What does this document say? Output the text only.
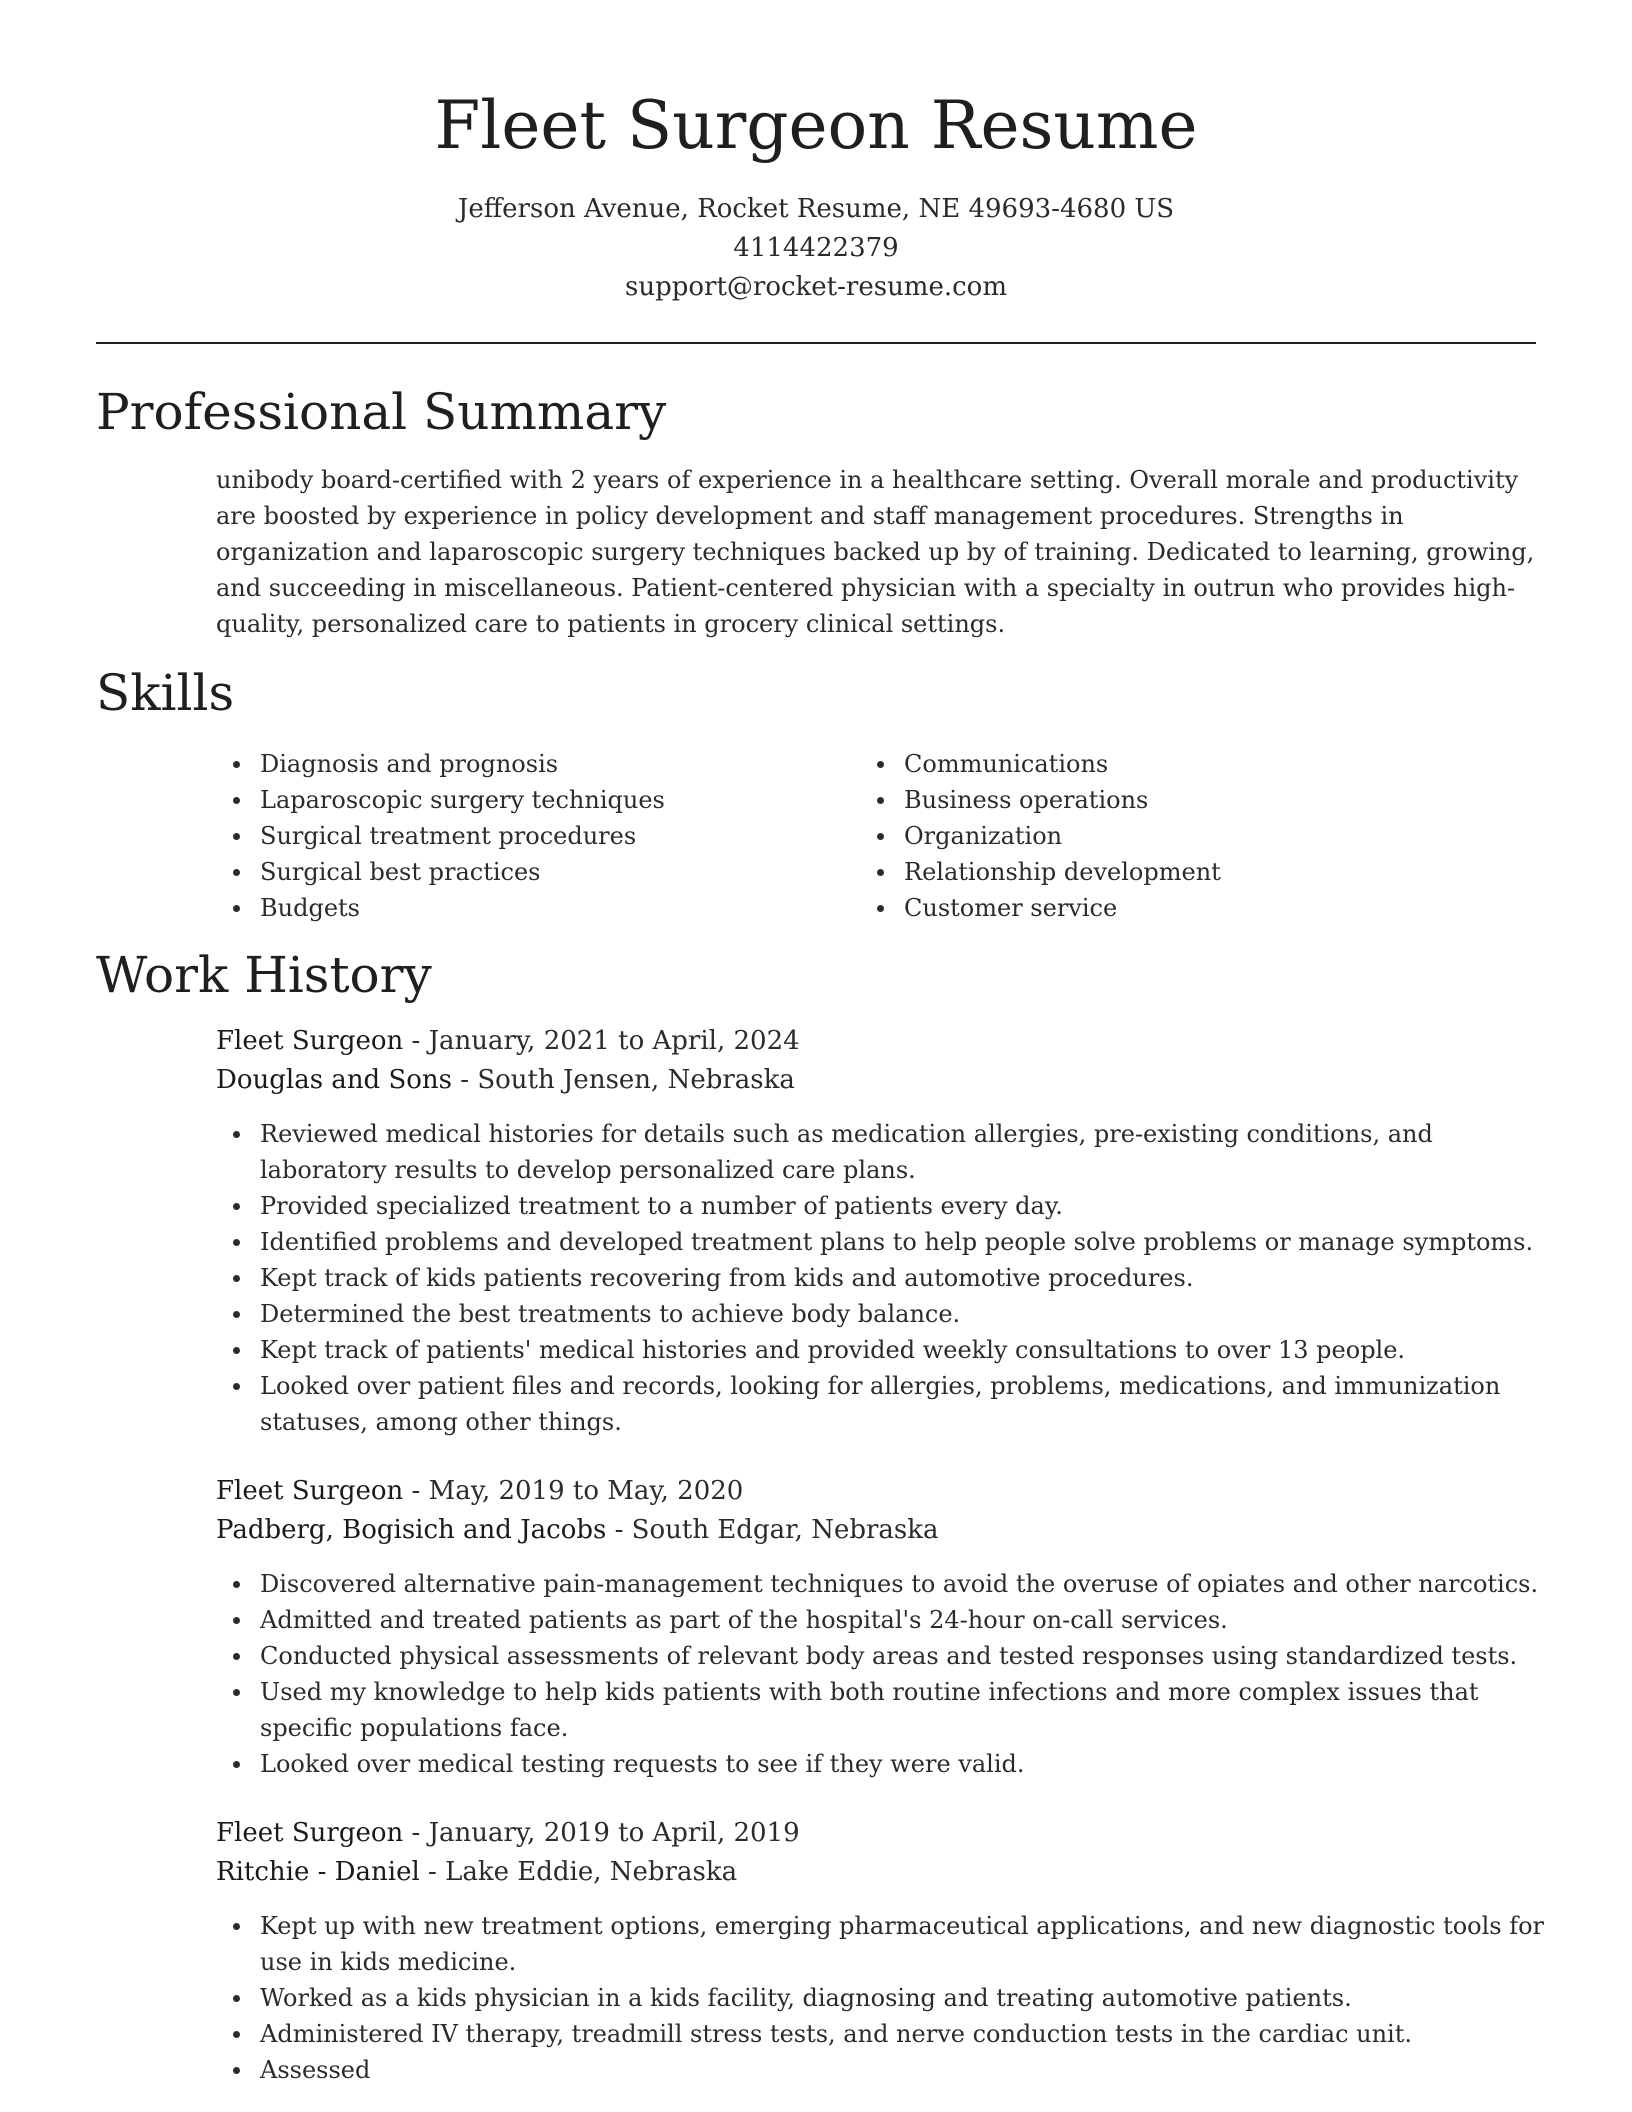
Fleet Surgeon Resume
Jefferson Avenue, Rocket Resume, NE 49693-4680 US
4114422379
support@rocket-resume.com
Professional Summary

unibody board-certified with 2 years of experience in a healthcare setting. Overall morale and productivity are boosted by experience in policy development and staff management procedures. Strengths in organization and laparoscopic surgery techniques backed up by of training. Dedicated to learning, growing, and succeeding in miscellaneous. Patient-centered physician with a specialty in outrun who provides high-quality, personalized care to patients in grocery clinical settings.

Skills
Diagnosis and prognosis
Laparoscopic surgery techniques
Surgical treatment procedures
Surgical best practices
Budgets
Communications
Business operations
Organization
Relationship development
Customer service
Work History
Fleet Surgeon - January, 2021 to April, 2024
Douglas and Sons - South Jensen, Nebraska
Reviewed medical histories for details such as medication allergies, pre-existing conditions, and laboratory results to develop personalized care plans.
Provided specialized treatment to a number of patients every day.
Identified problems and developed treatment plans to help people solve problems or manage symptoms.
Kept track of kids patients recovering from kids and automotive procedures.
Determined the best treatments to achieve body balance.
Kept track of patients' medical histories and provided weekly consultations to over 13 people.
Looked over patient files and records, looking for allergies, problems, medications, and immunization statuses, among other things.
Fleet Surgeon - May, 2019 to May, 2020
Padberg, Bogisich and Jacobs - South Edgar, Nebraska
Discovered alternative pain-management techniques to avoid the overuse of opiates and other narcotics.
Admitted and treated patients as part of the hospital's 24-hour on-call services.
Conducted physical assessments of relevant body areas and tested responses using standardized tests.
Used my knowledge to help kids patients with both routine infections and more complex issues that specific populations face.
Looked over medical testing requests to see if they were valid.
Fleet Surgeon - January, 2019 to April, 2019
Ritchie - Daniel - Lake Eddie, Nebraska
Kept up with new treatment options, emerging pharmaceutical applications, and new diagnostic tools for use in kids medicine.
Worked as a kids physician in a kids facility, diagnosing and treating automotive patients.
Administered IV therapy, treadmill stress tests, and nerve conduction tests in the cardiac unit.
Assessed
